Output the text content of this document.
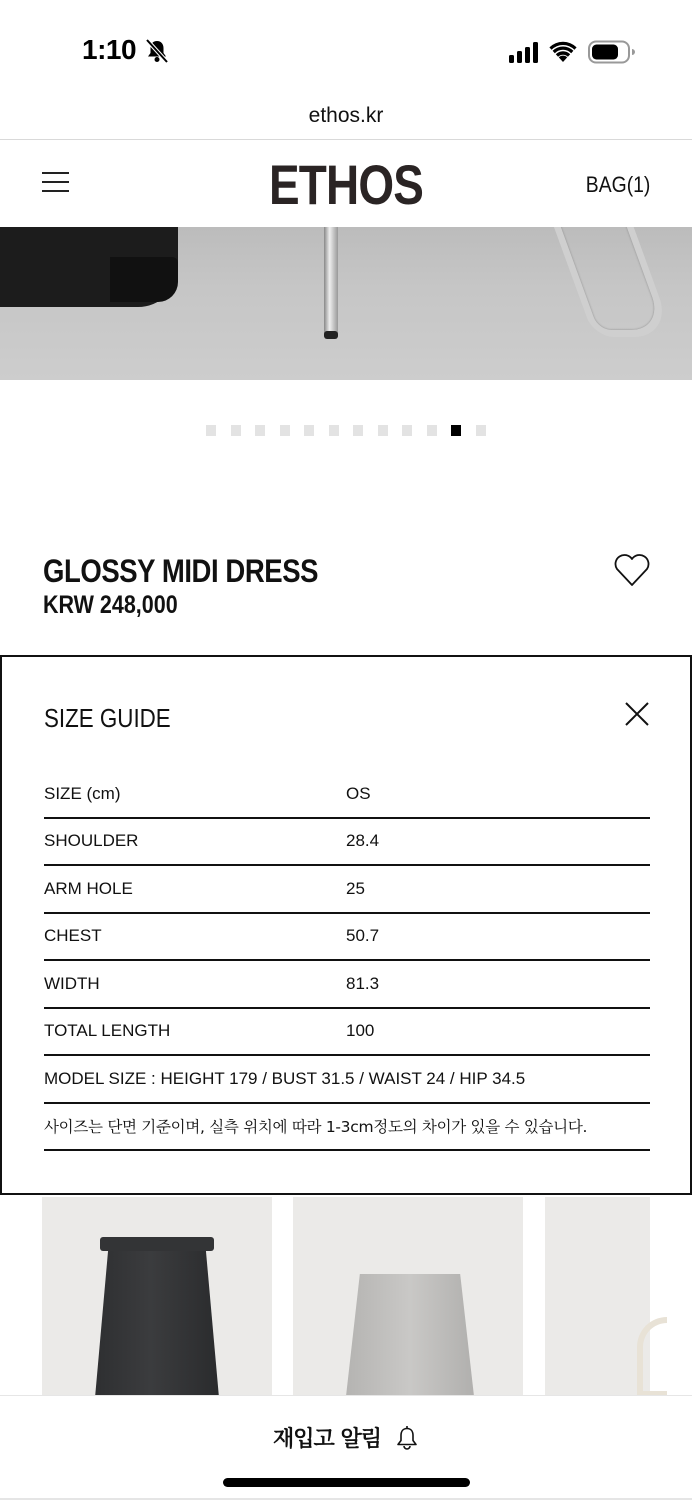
1:10
ethos.kr
ETHOS	BAG(1)
GLOSSY MIDI DRESS
KRW 248,000
SIZE GUIDE
SIZE (cm)	OS
SHOULDER	28.4
ARM HOLE	25
CHEST	50.7
WIDTH	81.3
TOTAL LENGTH	100
MODEL SIZE : HEIGHT 179 / BUST 31.5 / WAIST 24 / HIP 34.5
사이즈는 단면 기준이며, 실측 위치에 따라 1-3cm정도의 차이가 있을 수 있습니다.
재입고 알림
